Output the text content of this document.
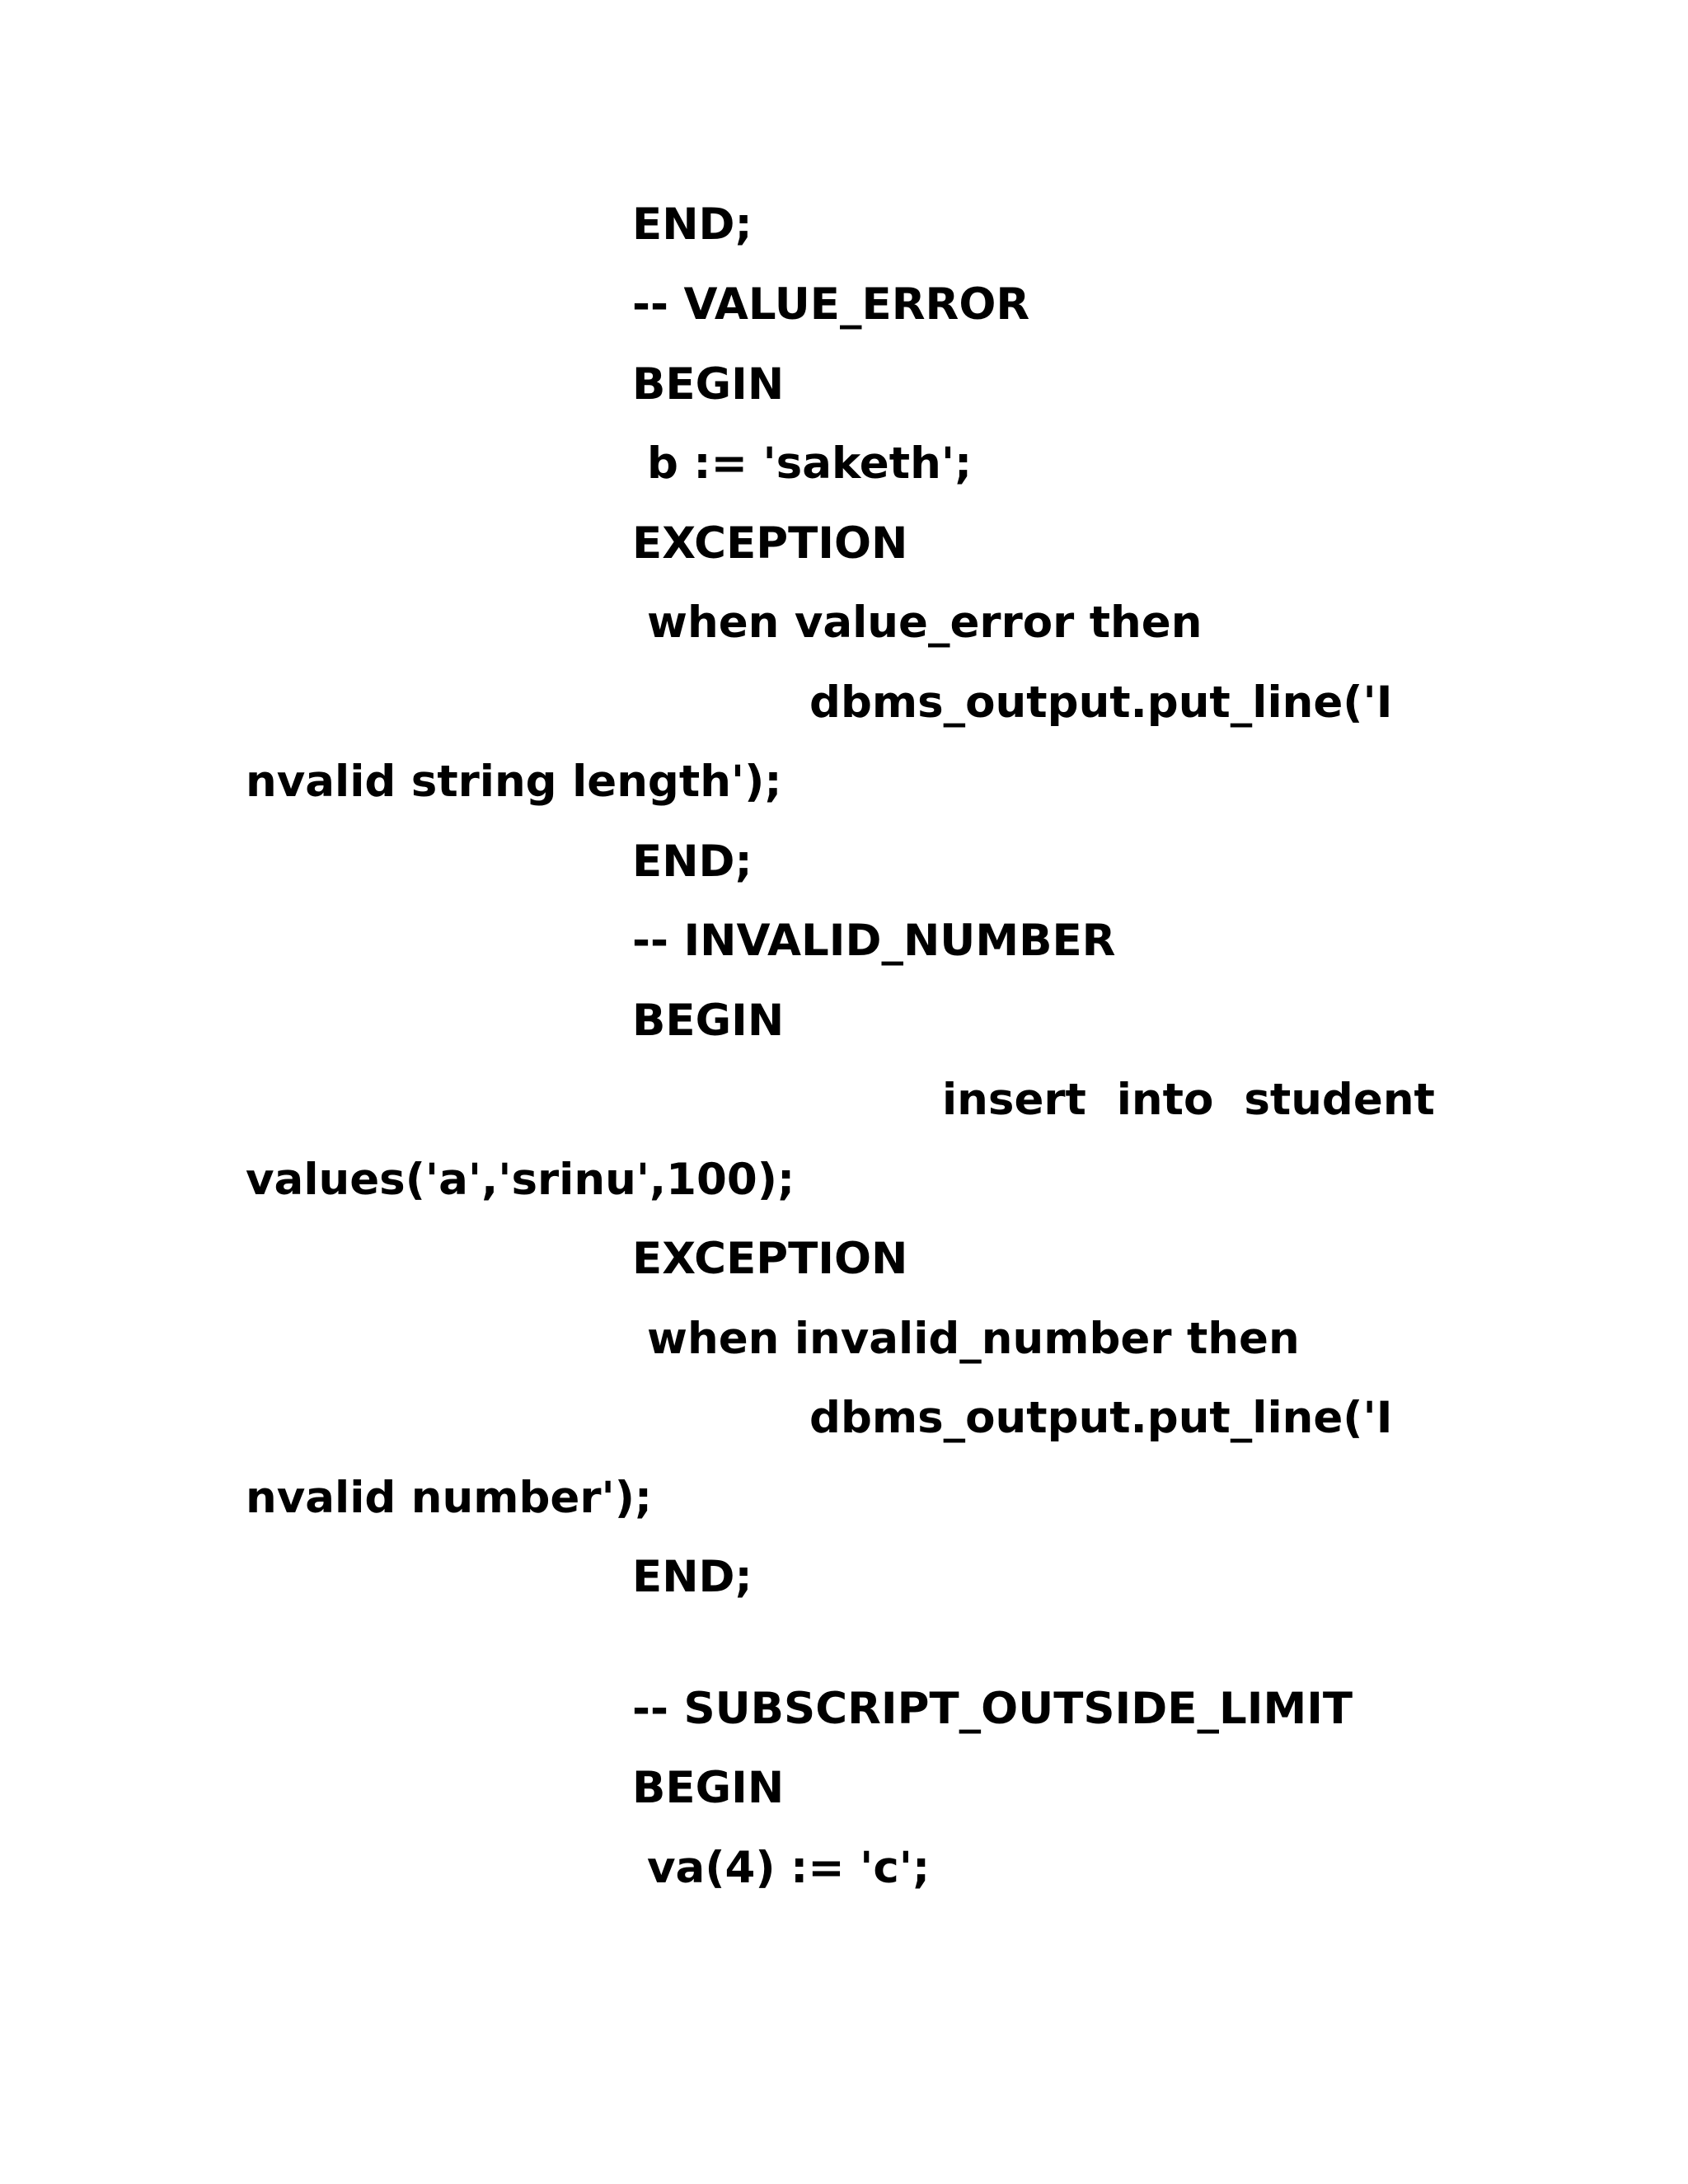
END;
-- VALUE_ERROR
BEGIN
b := 'saketh';
EXCEPTION
when value_error then
dbms_output.put_line('I
nvalid string length');
END;
-- INVALID_NUMBER
BEGIN
insert  into  student
values('a','srinu',100);
EXCEPTION
when invalid_number then
dbms_output.put_line('I
nvalid number');
END;
-- SUBSCRIPT_OUTSIDE_LIMIT
BEGIN
va(4) := 'c';
